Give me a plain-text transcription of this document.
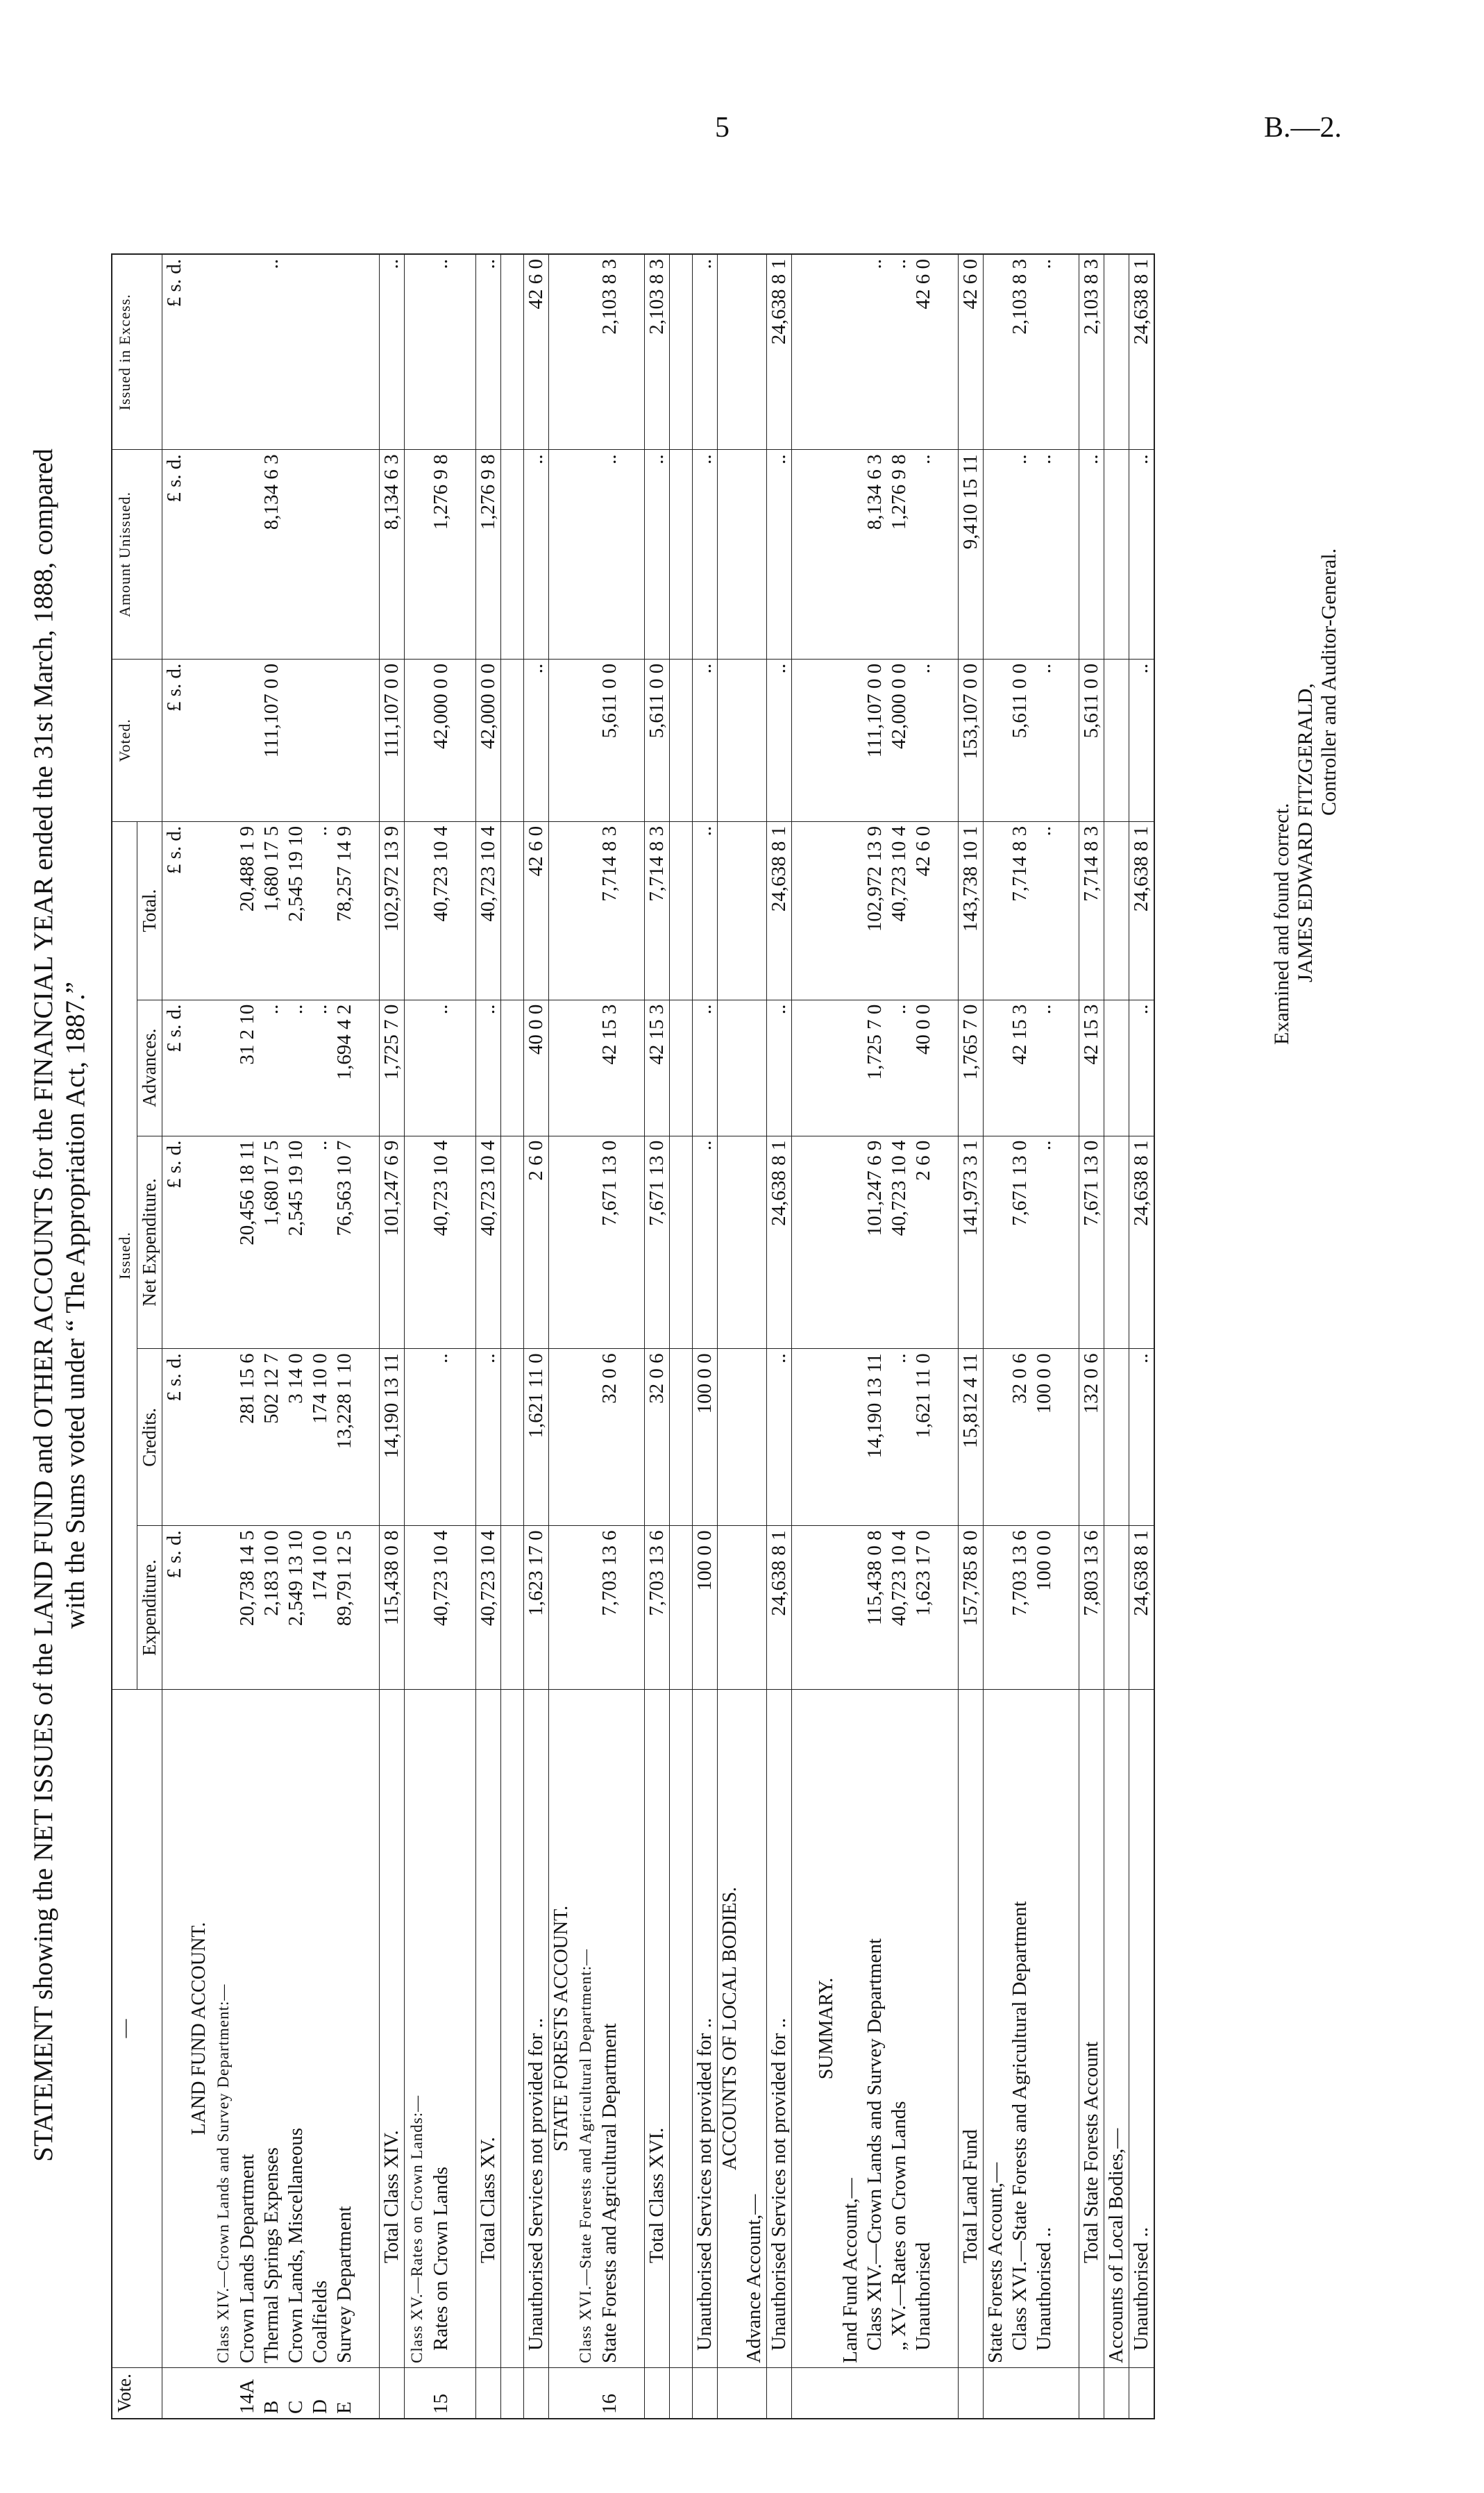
5	B.—2.
STATEMENT showing the NET ISSUES of the LAND FUND and OTHER ACCOUNTS for the FINANCIAL YEAR ended the 31st March, 1888, compared with the Sums voted under “ The Appropriation Act, 1887.”
Vote.	—	Issued.					Voted.	Amount Unissued.	Issued in Excess.
		Expenditure.	Credits.	Net Expenditure.	Advances.	Total.			
		£ s. d.	£ s. d.	£ s. d.	£ s. d.	£ s. d.	£ s. d.	£ s. d.	£ s. d.
	LAND FUND ACCOUNT.								
	Class XIV.—Crown Lands and Survey Department:—								
14A	Crown Lands Department	20,738 14 5	281 15 6	20,456 18 11	31 2 10	20,488 1 9			
B	Thermal Springs Expenses	2,183 10 0	502 12 7	1,680 17 5	..	1,680 17 5	111,107 0 0	8,134 6 3	..
C	Crown Lands, Miscellaneous	2,549 13 10	3 14 0	2,545 19 10	..	2,545 19 10			
D	Coalfields	174 10 0	174 10 0	..	..	..			
E	Survey Department	89,791 12 5	13,228 1 10	76,563 10 7	1,694 4 2	78,257 14 9			

	Total Class XIV.	115,438 0 8	14,190 13 11	101,247 6 9	1,725 7 0	102,972 13 9	111,107 0 0	8,134 6 3	..
	Class XV.—Rates on Crown Lands:—								
15	Rates on Crown Lands	40,723 10 4	..	40,723 10 4	..	40,723 10 4	42,000 0 0	1,276 9 8	..

	Total Class XV.	40,723 10 4	..	40,723 10 4	..	40,723 10 4	42,000 0 0	1,276 9 8	..

	Unauthorised Services not provided for ..	1,623 17 0	1,621 11 0	2 6 0	40 0 0	42 6 0	..	..	42 6 0
	STATE FORESTS ACCOUNT.								
	Class XVI.—State Forests and Agricultural Department:—								
16	State Forests and Agricultural Department	7,703 13 6	32 0 6	7,671 13 0	42 15 3	7,714 8 3	5,611 0 0	..	2,103 8 3

	Total Class XVI.	7,703 13 6	32 0 6	7,671 13 0	42 15 3	7,714 8 3	5,611 0 0	..	2,103 8 3

	Unauthorised Services not provided for ..	100 0 0	100 0 0	..	..	..	..	..	..
	ACCOUNTS OF LOCAL BODIES.								
	Advance Account,—								
	Unauthorised Services not provided for ..	24,638 8 1	..	24,638 8 1	..	24,638 8 1	..	..	24,638 8 1

	SUMMARY.								
	Land Fund Account,—								
	Class XIV.—Crown Lands and Survey Department	115,438 0 8	14,190 13 11	101,247 6 9	1,725 7 0	102,972 13 9	111,107 0 0	8,134 6 3	..
	„ XV.—Rates on Crown Lands	40,723 10 4	..	40,723 10 4	..	40,723 10 4	42,000 0 0	1,276 9 8	..
	Unauthorised	1,623 17 0	1,621 11 0	2 6 0	40 0 0	42 6 0	..	..	42 6 0

	Total Land Fund	157,785 8 0	15,812 4 11	141,973 3 1	1,765 7 0	143,738 10 1	153,107 0 0	9,410 15 11	42 6 0
	State Forests Account,—								
	Class XVI.—State Forests and Agricultural Department	7,703 13 6	32 0 6	7,671 13 0	42 15 3	7,714 8 3	5,611 0 0	..	2,103 8 3
	Unauthorised ..	100 0 0	100 0 0	..	..	..	..	..	..

	Total State Forests Account	7,803 13 6	132 0 6	7,671 13 0	42 15 3	7,714 8 3	5,611 0 0	..	2,103 8 3
	Accounts of Local Bodies,—								
	Unauthorised ..	24,638 8 1	..	24,638 8 1	..	24,638 8 1	..	..	24,638 8 1
Examined and found correct. JAMES EDWARD FITZGERALD,
Controller and Auditor-General.
